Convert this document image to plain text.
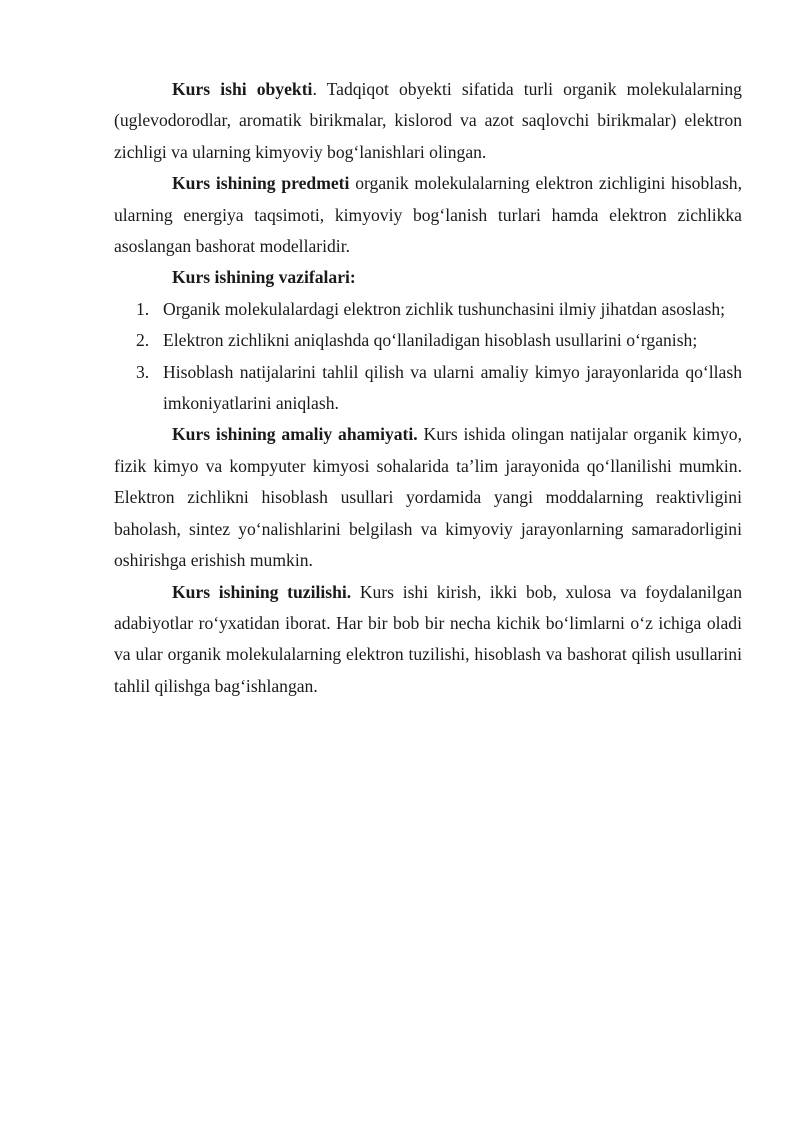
Kurs ishi obyekti. Tadqiqot obyekti sifatida turli organik molekulalarning (uglevodorodlar, aromatik birikmalar, kislorod va azot saqlovchi birikmalar) elektron zichligi va ularning kimyoviy bog‘lanishlari olingan.

Kurs ishining predmeti organik molekulalarning elektron zichligini hisoblash, ularning energiya taqsimoti, kimyoviy bog‘lanish turlari hamda elektron zichlikka asoslangan bashorat modellaridir.

Kurs ishining vazifalari:
1. Organik molekulalardagi elektron zichlik tushunchasini ilmiy jihatdan asoslash;
2. Elektron zichlikni aniqlashda qo‘llaniladigan hisoblash usullarini o‘rganish;
3. Hisoblash natijalarini tahlil qilish va ularni amaliy kimyo jarayonlarida qo‘llash imkoniyatlarini aniqlash.

Kurs ishining amaliy ahamiyati. Kurs ishida olingan natijalar organik kimyo, fizik kimyo va kompyuter kimyosi sohalarida ta’lim jarayonida qo‘llanilishi mumkin. Elektron zichlikni hisoblash usullari yordamida yangi moddalarning reaktivligini baholash, sintez yo‘nalishlarini belgilash va kimyoviy jarayonlarning samaradorligini oshirishga erishish mumkin.

Kurs ishining tuzilishi. Kurs ishi kirish, ikki bob, xulosa va foydalanilgan adabiyotlar ro‘yxatidan iborat. Har bir bob bir necha kichik bo‘limlarni o‘z ichiga oladi va ular organik molekulalarning elektron tuzilishi, hisoblash va bashorat qilish usullarini tahlil qilishga bag‘ishlangan.
